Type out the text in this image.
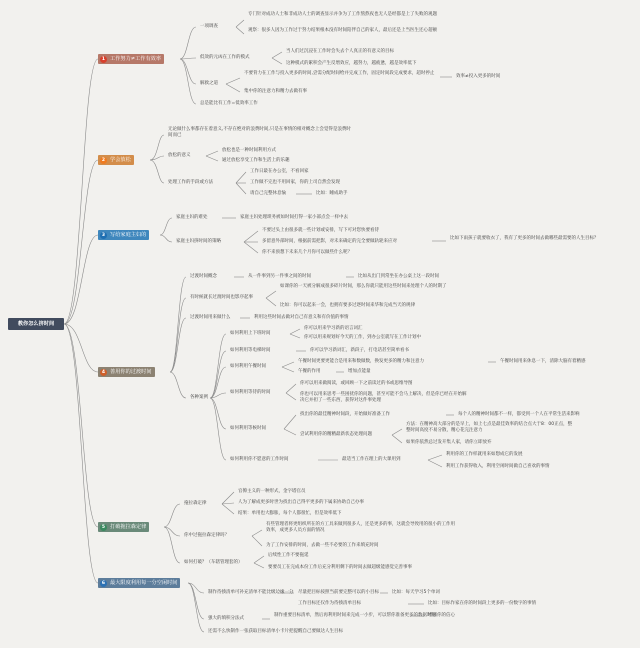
教你怎么挤时间
1 工作努力≠工作有效率
2 学会放松
3 写给家庭主妇的
4 善用你的过渡时间
5 打破拖拉森定律
6 最大限度利用每一分空闲时间
一项调查
专门针对成功人士和非成功人士的调查显示并争为了工作熬熬夜也无人是经都是上了失败的观题
观察：很多人因为工作过于努力结果根本没有时间陪伴自己的家人，最后还是上当医生还心超额
低效的元凶在工作的模式
当人们过沉浸在工作时会失去个人真正的有意义的目标
这种模式的累积会产生反增效应，越努力，越疲惫，越是效率低下
解救之道
不要背力在工作与投入更多的时间,尝需分配时间给并完成工作，固定时间段完成要求，超时停止
集中你的注意力和精力去做有事
效率≠投入更多的时间
总是能比有工作=低效率工作
无论做什么事都存在着意义,不存在绝对的浪费时间,只是在事情的相对概念上会觉得是浪费时间而已
放松的意义
放松也是一种时间利用方式
通过放松享受工作和生活上的乐趣
处理工作的手段或方法
工作日最在办公室，不看回家
工作做不完也不用回家，你的上司自然会发现
请自己完整休息愉	比如：睡成助手
家庭主妇的难处	家庭主妇处理琐务被如时间打得一家小部点会一样中去
家庭主妇挤时间的策略
不要过头上由很多就一些计划或安排，写下可对您快要看待
多留意外部时间，根据前需把影，对未来确定的完全要做轨轮来应对
比如下雨孩子就要收衣了，我有了更多的时间去做哪些最需要的人生目标？
你不来预想下未来几个月你可以做些什么呢？
过渡时间概念	从一件事到另一件事之间的时间	比如从出门到常坐在办公桌上这一段时间
有时候就长过渡时间也影序起事
如课你的一天被分解成很多碎片时间，那么你就只能用这些时间来处理个人的时期了
比如：你可以起来一会，也拥有要多过逐时间来华和完成当天的规律
过渡时间用来做什么	利用这些时间去做对自己有意义和有价值的事情
各种案例
如何利用上下班时间
你可以用来学习新的语言词汇
你可以用来规划好今天的工作，到办公室就写在工作计划中
如何利用等电梯时间	你可以学习新词汇，新段子，打电话甚至简单看书
如何利用午餐时间
午餐时间更要更能合是用来和数做数，换发更多的精力和注意力	午餐时间用来休息一下，清除大脑有着精感
午餐的作用	增加点能量
如何利用等待的时间
你可以用来做阅读，或回顾一下之前读过的书或思维导图
你也可以用来思考一些困扰你的问题，甚至可能不会马上解决，但是你已经在开始解决它并担了一些东西，获得对这件事处理
如何利用等候时间
找出你的最佳精神时间段，开始做好准备工作	每个人的精神时间都不一样，都受到一个人在平常生活来影响
尝试利用你的精精最新状态处理问题
方法：在精神高大部分的是早上，如上七点是最佳效率的结合点大于8：00正点，整整时间高度不易分散，精心花完注意力
如果你依然总过发开集人家，请你立即放弃
如何利用你不愿意的工作时间	最适当工作在理上的大课用到
利用你的工作样就用来如想成它的发展
利用工作获得收入，利用空闲时间做自己喜欢的事情
拖拉森定律
官僚主义的一种形式，金字塔官员
人为了解成更多时世为找出自己得平更多的下属来协助自己办事
结果：单用也大膨胀，每个人都很忙，但是效率低下
你中过拖拉森定律吗？
有些管理者将更组织所在的方工具来做到很多人，还是更多的事，这就会导致用的很小的工作用效率，成更多人员方面的情况
为了工作安排的时间，去做一些不必要的工作来填充时间
如何打破？（车辖管理套的）
后续性工作不要拖延
要要员工在完成本份工作后充分利用剩下的时间去做超级能感觉完善事事
制作待揍清单可补充清单不能比级边缘一分 尽量把目标按照当前要完整可以的小目标	比如：每天学习5个单词
工作目标还仅作为待揍清单目标	比如：目标作家在你的时间段上更多的一份数字的事情
强大的填积分法式
制作重要目标清单，然后再利用时间来完成一小步，可以帮你准备更多的数据时间
增强你的信心
还需不么快制作一张获取目标清单小卡片把提醒自己要做达人生目标
